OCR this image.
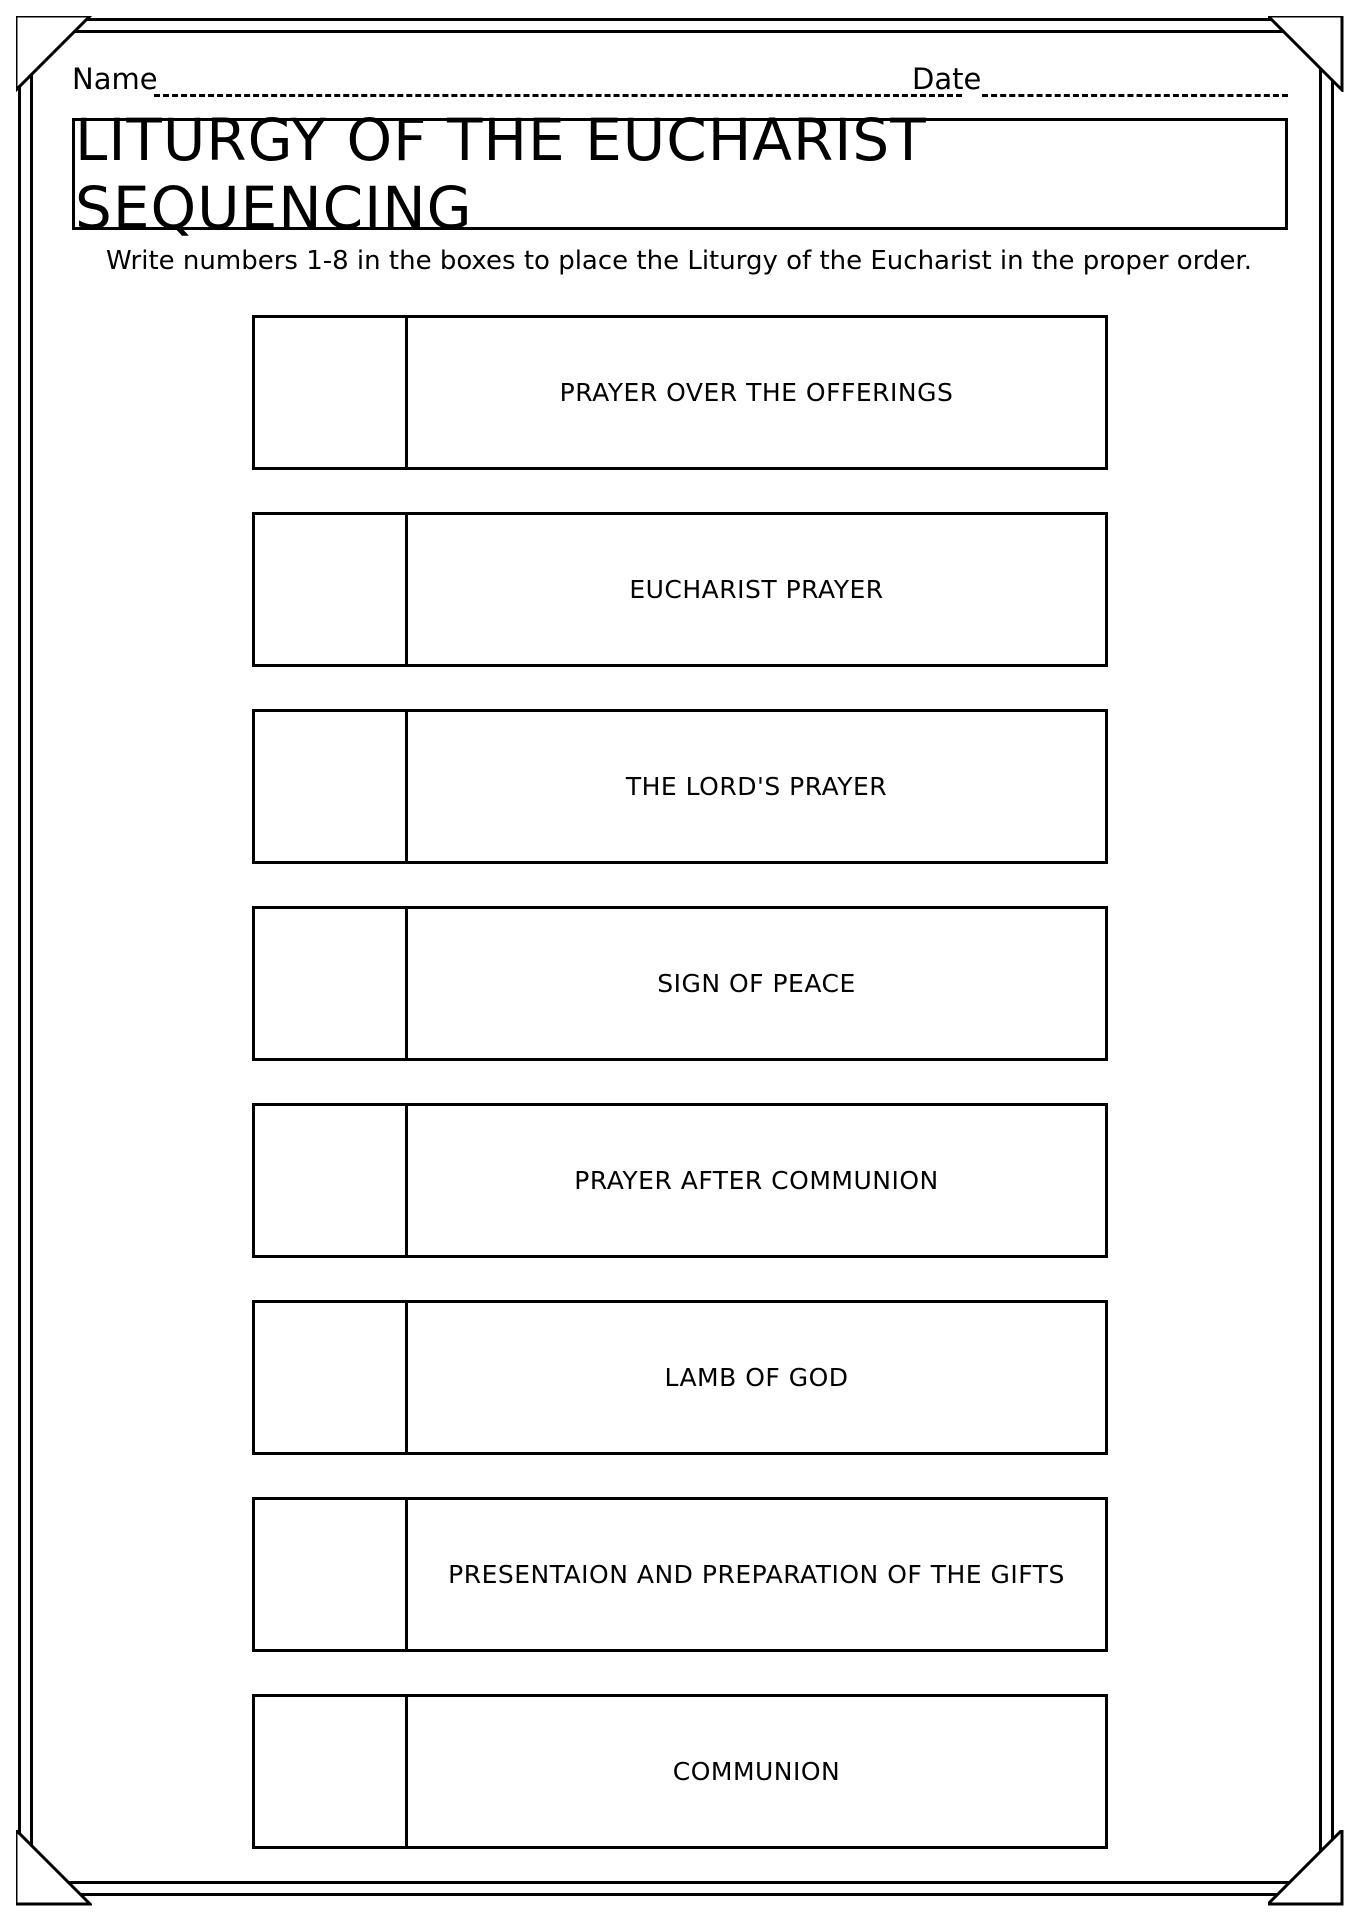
Name	Date
LITURGY OF THE EUCHARIST SEQUENCING
Write numbers 1-8 in the boxes to place the Liturgy of the Eucharist in the proper order.
PRAYER OVER THE OFFERINGS
EUCHARIST PRAYER
THE LORD'S PRAYER
SIGN OF PEACE
PRAYER AFTER COMMUNION
LAMB OF GOD
PRESENTAION AND PREPARATION OF THE GIFTS
COMMUNION
